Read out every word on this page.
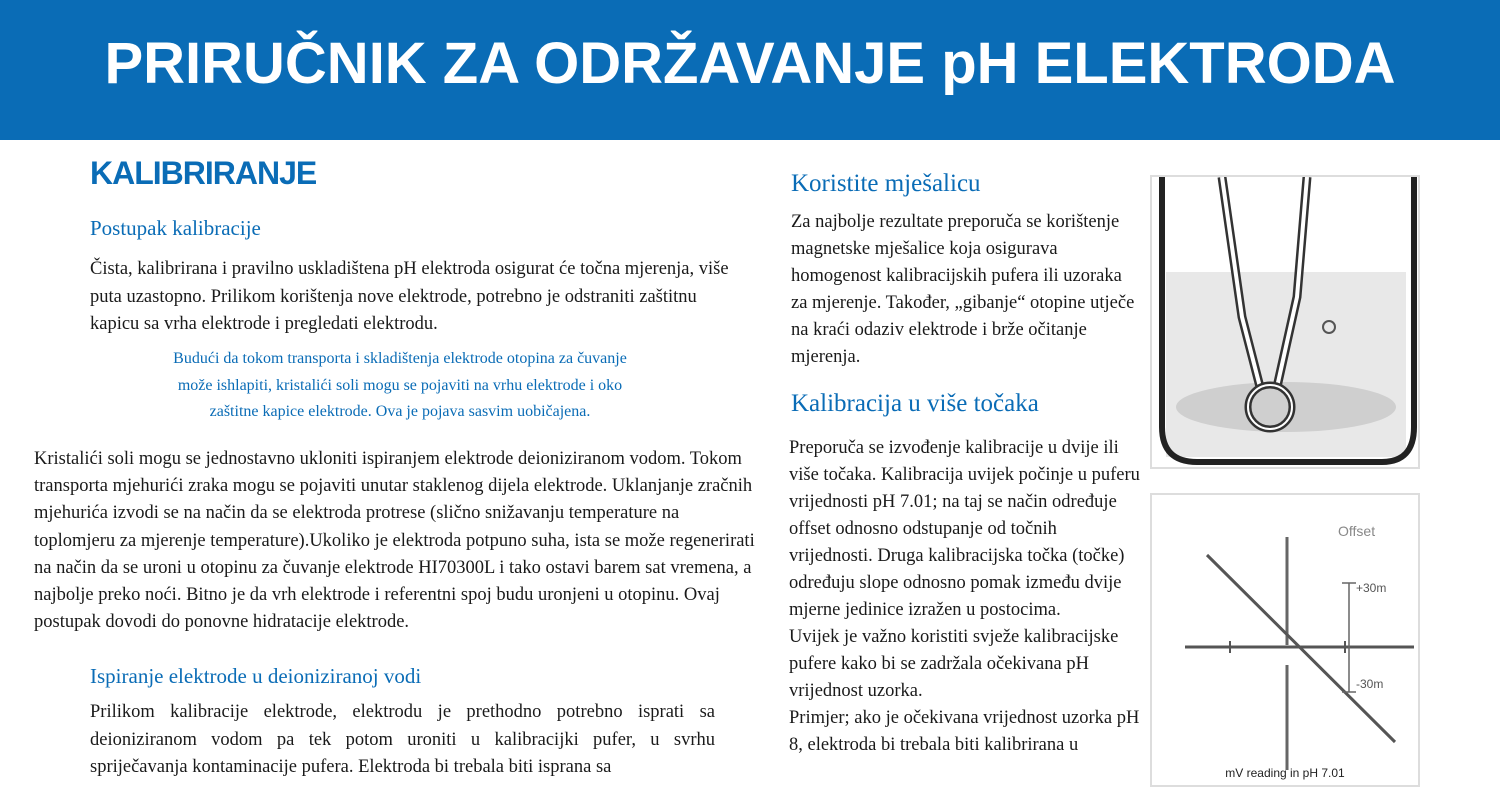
PRIRUČNIK ZA ODRŽAVANJE pH ELEKTRODA
KALIBRIRANJE
Postupak kalibracije
Čista, kalibrirana i pravilno uskladištena pH elektroda osigurat će točna mjerenja, više puta uzastopno. Prilikom korištenja nove elektrode, potrebno je odstraniti zaštitnu kapicu sa vrha elektrode i pregledati elektrodu.
Budući da tokom transporta i skladištenja elektrode otopina za čuvanje može ishlapiti, kristalići soli mogu se pojaviti na vrhu elektrode i oko zaštitne kapice elektrode. Ova je pojava sasvim uobičajena.
Kristalići soli mogu se jednostavno ukloniti ispiranjem elektrode deioniziranom vodom. Tokom transporta mjehurići zraka mogu se pojaviti unutar staklenog dijela elektrode. Uklanjanje zračnih mjehurića izvodi se na način da se elektroda protrese (slično snižavanju temperature na toplomjeru za mjerenje temperature).Ukoliko je elektroda potpuno suha, ista se može regenerirati na način da se uroni u otopinu za čuvanje elektrode HI70300L i tako ostavi barem sat vremena, a najbolje preko noći. Bitno je da vrh elektrode i referentni spoj budu uronjeni u otopinu. Ovaj postupak dovodi do ponovne hidratacije elektrode.
Ispiranje elektrode u deioniziranoj vodi
Prilikom kalibracije elektrode, elektrodu je prethodno potrebno isprati sa deioniziranom vodom pa tek potom uroniti u kalibracijki pufer, u svrhu spriječavanja kontaminacije pufera. Elektroda bi trebala biti isprana sa
Koristite mješalicu
Za najbolje rezultate preporuča se korištenje magnetske mješalice koja osigurava homogenost kalibracijskih pufera ili uzoraka za mjerenje. Također, „gibanje“ otopine utječe na kraći odaziv elektrode i brže očitanje mjerenja.
Kalibracija u više točaka
Preporuča se izvođenje kalibracije u dvije ili više točaka. Kalibracija uvijek počinje u puferu vrijednosti pH 7.01; na taj se način određuje offset odnosno odstupanje od točnih vrijednosti. Druga kalibracijska točka (točke) određuju slope odnosno pomak između dvije mjerne jedinice izražen u postocima.
Uvijek je važno koristiti svježe kalibracijske pufere kako bi se zadržala očekivana pH vrijednost uzorka.
Primjer; ako je očekivana vrijednost uzorka pH 8, elektroda bi trebala biti kalibrirana u
Offset
+30m
-30m
mV reading in pH 7.01
